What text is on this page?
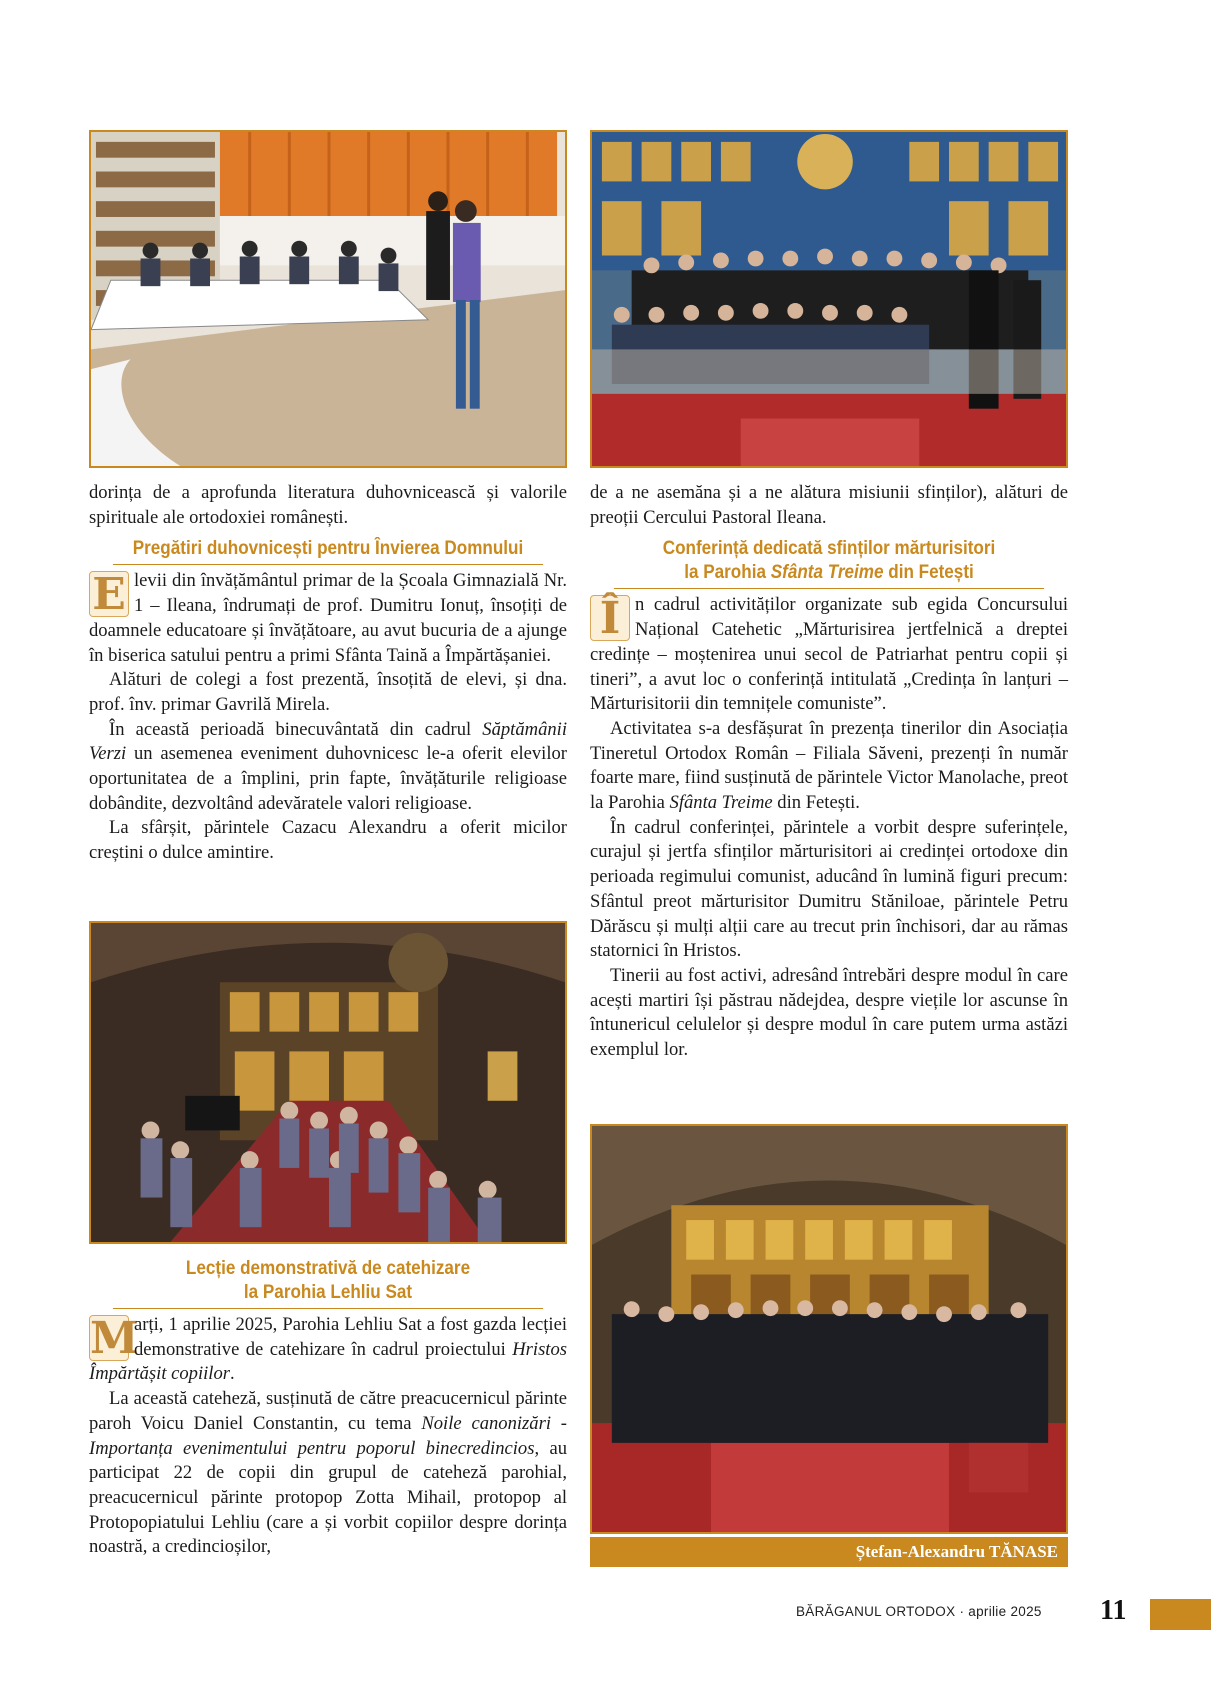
dorința de a aprofunda literatura duhovnicească și valorile spirituale ale ortodoxiei românești.

Pregătiri duhovnicești pentru Învierea Domnului

E levii din învățământul primar de la Școala Gimnazială Nr. 1 – Ileana, îndrumați de prof. Dumitru Ionuț, însoțiți de doamnele educatoare și învățătoare, au avut bucuria de a ajunge în biserica satului pentru a primi Sfânta Taină a Împărtășaniei.

Alături de colegi a fost prezentă, însoțită de elevi, și dna. prof. înv. primar Gavrilă Mirela.

În această perioadă binecuvântată din cadrul Săptămânii Verzi un asemenea eveniment duhovnicesc le-a oferit elevilor oportunitatea de a împlini, prin fapte, învățăturile religioase dobândite, dezvoltând adevăratele valori religioase.

La sfârșit, părintele Cazacu Alexandru a oferit micilor creștini o dulce amintire.

Lecție demonstrativă de catehizare
la Parohia Lehliu Sat

M
arți, 1 aprilie 2025, Parohia Lehliu Sat a fost gazda lecției demonstrative de catehizare în cadrul proiectului Hristos Împărtășit copiilor.

La această cateheză, susținută de către preacucernicul părinte paroh Voicu Daniel Constantin, cu tema Noile canonizări - Importanța evenimentului pentru poporul binecredincios, au participat 22 de copii din grupul de cateheză parohial, preacucernicul părinte protopop Zotta Mihail, protopop al Protopopiatului Lehliu (care a și vorbit copiilor despre dorința noastră, a credincioșilor,

de a ne asemăna și a ne alătura misiunii sfinților), alături de preoții Cercului Pastoral Ileana.

Conferință dedicată sfinților mărturisitori
la Parohia Sfânta Treime din Fetești

Î n cadrul activităților organizate sub egida Concursului Național Catehetic „Mărturisirea jertfelnică a dreptei credințe – moștenirea unui secol de Patriarhat pentru copii și tineri”, a avut loc o conferință intitulată „Credința în lanțuri – Mărturisitorii din temnițele comuniste”.

Activitatea s-a desfășurat în prezența tinerilor din Asociația Tineretul Ortodox Român – Filiala Săveni, prezenți în număr foarte mare, fiind susținută de părintele Victor Manolache, preot la Parohia Sfânta Treime din Fetești.

În cadrul conferinței, părintele a vorbit despre suferințele, curajul și jertfa sfinților mărturisitori ai credinței ortodoxe din perioada regimului comunist, aducând în lumină figuri precum: Sfântul preot mărturisitor Dumitru Stăniloae, părintele Petru Dărăscu și mulți alții care au trecut prin închisori, dar au rămas statornici în Hristos.

Tinerii au fost activi, adresând întrebări despre modul în care acești martiri își păstrau nădejdea, despre viețile lor ascunse în întunericul celulelor și despre modul în care putem urma astăzi exemplul lor.

Ștefan-Alexandru TĂNASE
BĂRĂGANUL ORTODOX · aprilie 2025 11
